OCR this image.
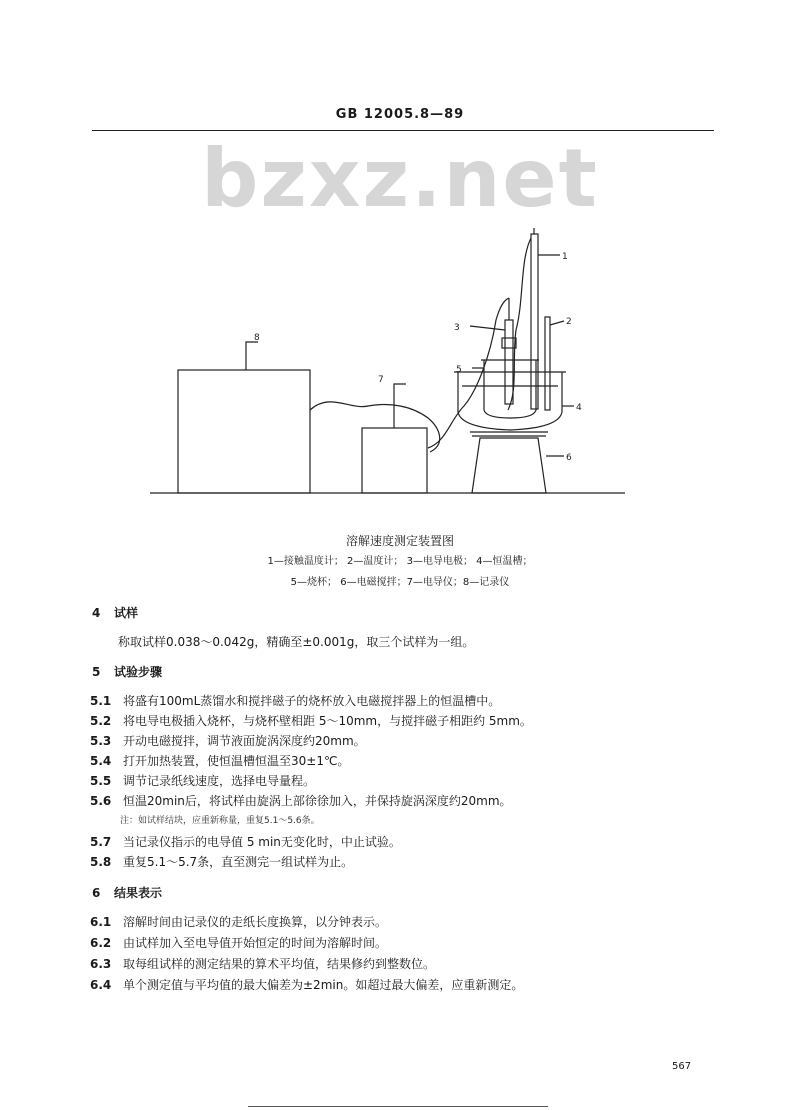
GB 12005.8—89
bzxz.net
1
2
3
4
5
6
7
8
溶解速度测定装置图
1—接触温度计； 2—温度计； 3—电导电极； 4—恒温槽；
5—烧杯； 6—电磁搅拌；7—电导仪；8—记录仪
4 试样
称取试样0.038～0.042g，精确至±0.001g，取三个试样为一组。
5 试验步骤
5.1 将盛有100mL蒸馏水和搅拌磁子的烧杯放入电磁搅拌器上的恒温槽中。
5.2 将电导电极插入烧杯，与烧杯壁相距 5～10mm，与搅拌磁子相距约 5mm。
5.3 开动电磁搅拌，调节液面旋涡深度约20mm。
5.4 打开加热装置，使恒温槽恒温至30±1℃。
5.5 调节记录纸线速度，选择电导量程。
5.6 恒温20min后，将试样由旋涡上部徐徐加入，并保持旋涡深度约20mm。
注：如试样结块，应重新称量，重复5.1～5.6条。
5.7 当记录仪指示的电导值 5 min无变化时，中止试验。
5.8 重复5.1～5.7条，直至测完一组试样为止。
6 结果表示
6.1 溶解时间由记录仪的走纸长度换算，以分钟表示。
6.2 由试样加入至电导值开始恒定的时间为溶解时间。
6.3 取每组试样的测定结果的算术平均值，结果修约到整数位。
6.4 单个测定值与平均值的最大偏差为±2min。如超过最大偏差，应重新测定。
567
